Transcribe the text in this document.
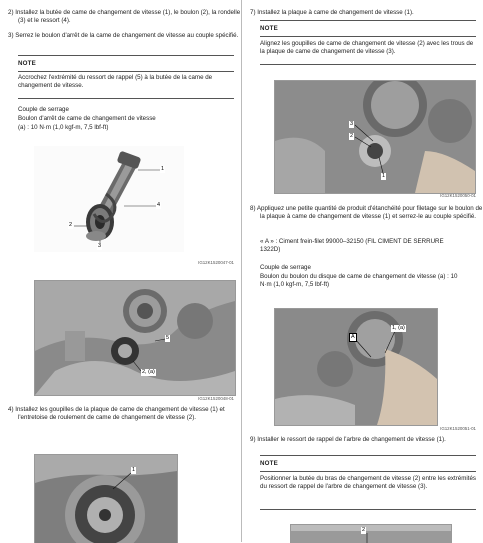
2) Installez la butée de came de changement de vitesse (1), le boulon (2), la rondelle (3) et le ressort (4).
3) Serrez le boulon d'arrêt de la came de changement de vitesse au couple spécifié.
NOTE
Accrochez l'extrémité du ressort de rappel (5) à la butée de la came de changement de vitesse.
Couple de serrage
Boulon d'arrêt de came de changement de vitesse
(a) : 10 N·m (1,0 kgf-m, 7,5 lbf-ft)
1
4
2
3
IG12K1520047-01
5
2, (a)
IG12K1520048-01
4) Installez les goupilles de la plaque de came de changement de vitesse (1) et l'entretoise de roulement de came de changement de vitesse (2).
1
7) Installez la plaque à came de changement de vitesse (1).
NOTE
Alignez les goupilles de came de changement de vitesse (2) avec les trous de la plaque de came de changement de vitesse (3).
3
2
1
IG12K1520050-01
8) Appliquez une petite quantité de produit d'étanchéité pour filetage sur le boulon de la plaque à came de changement de vitesse (1) et serrez-le au couple spécifié.
« A » : Ciment frein-filet 99000–32150 (FIL CIMENT DE SERRURE 1322D)
Couple de serrage
Boulon du boulon du disque de came de changement de vitesse (a) : 10 N·m (1,0 kgf-m, 7,5 lbf-ft)
A
1, (a)
IG12K1520051-01
9) Installer le ressort de rappel de l'arbre de changement de vitesse (1).
NOTE
Positionner la butée du bras de changement de vitesse (2) entre les extrémités du ressort de rappel de l'arbre de changement de vitesse (3).
2
